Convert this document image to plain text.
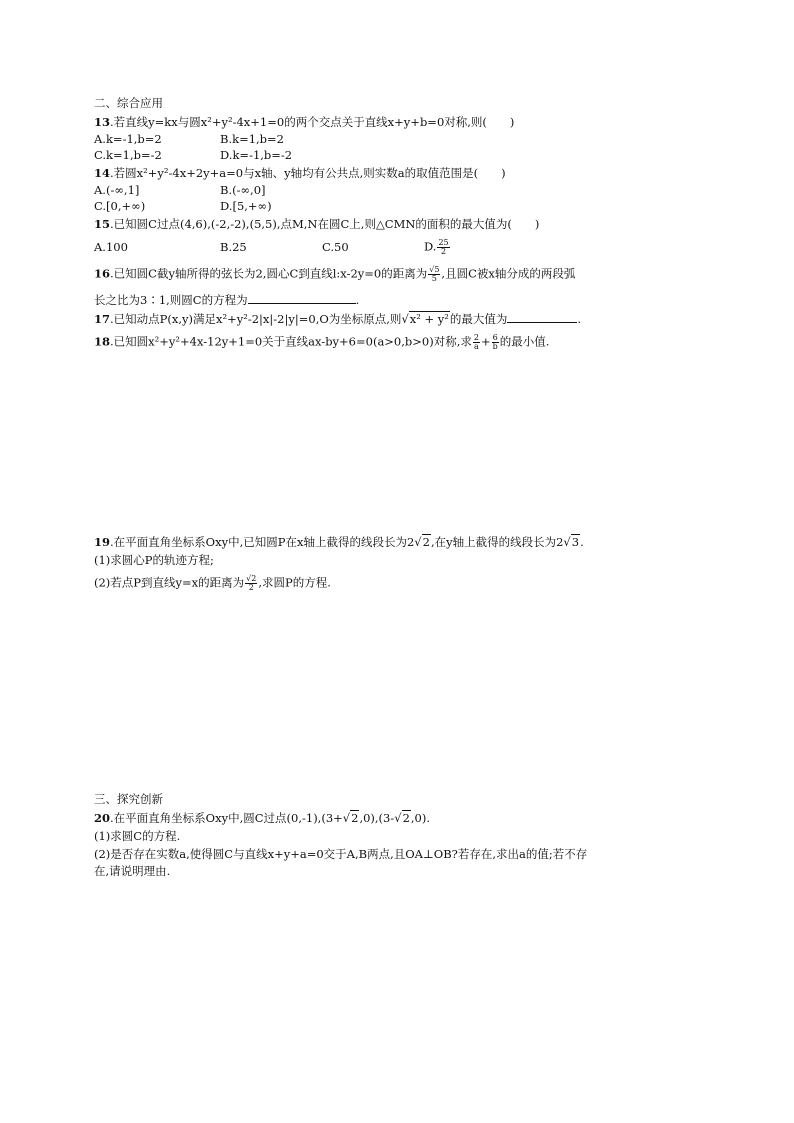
二、综合应用
13.若直线y=kx与圆x²+y²-4x+1=0的两个交点关于直线x+y+b=0对称,则(　　)
A.k=-1,b=2	B.k=1,b=2
C.k=1,b=-2	D.k=-1,b=-2
14.若圆x²+y²-4x+2y+a=0与x轴、y轴均有公共点,则实数a的取值范围是(　　)
A.(-∞,1]	B.(-∞,0]
C.[0,+∞)	D.[5,+∞)
15.已知圆C过点(4,6),(-2,-2),(5,5),点M,N在圆C上,则△CMN的面积的最大值为(　　)
A.100	B.25	C.50	D. $\frac{25}{2}$
16.已知圆C截y轴所得的弦长为2,圆心C到直线l:x-2y=0的距离为 $\frac{√5}{5}$ ,且圆C被x轴分成的两段弧
长之比为3∶1,则圆C的方程为	.
17.已知动点P(x,y)满足x²+y²-2|x|-2|y|=0,O为坐标原点,则√x² + y²的最大值为	.
18.已知圆x²+y²+4x-12y+1=0关于直线ax-by+6=0(a>0,b>0)对称,求 $\frac{2}{a} + \frac{6}{b}$ 的最小值.
19.在平面直角坐标系Oxy中,已知圆P在x轴上截得的线段长为2√2,在y轴上截得的线段长为2√3.
(1)求圆心P的轨迹方程;
(2)若点P到直线y=x的距离为 $\frac{√2}{2}$ ,求圆P的方程.
三、探究创新
20.在平面直角坐标系Oxy中,圆C过点(0,-1),(3+√2,0),(3-√2,0).
(1)求圆C的方程.
(2)是否存在实数a,使得圆C与直线x+y+a=0交于A,B两点,且OA⊥OB?若存在,求出a的值;若不存
在,请说明理由.
